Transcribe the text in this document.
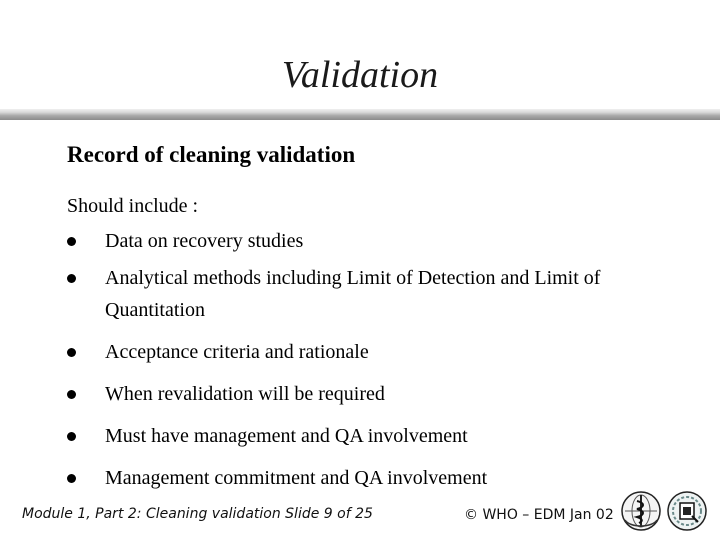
Validation
Record of cleaning validation
Should include :
Data on recovery studies
Analytical methods including Limit of Detection and Limit of Quantitation
Acceptance criteria and rationale
When revalidation will be required
Must have management and QA involvement
Management commitment and QA involvement
Module 1, Part 2: Cleaning validation Slide 9 of 25	© WHO – EDM Jan 02
